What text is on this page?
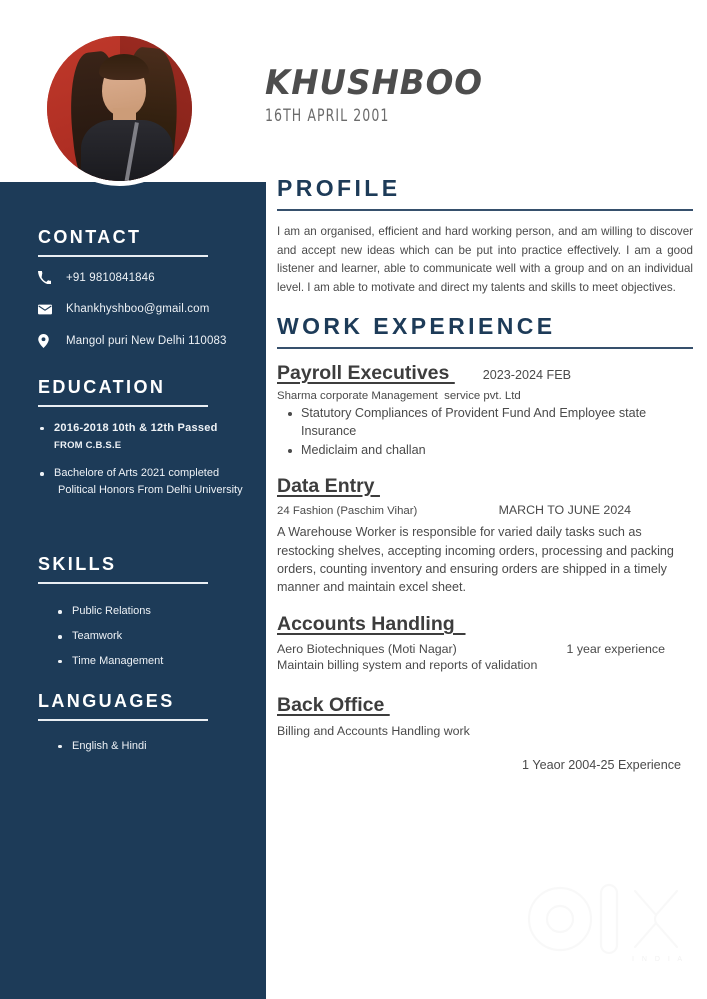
CONTACT
+91 9810841846
Khankhyshboo@gmail.com
Mangol puri New Delhi 110083
EDUCATION
2016-2018 10th & 12th Passed
FROM C.B.S.E
Bachelore of Arts 2021 completed
Political Honors From Delhi University
SKILLS
Public Relations
Teamwork
Time Management
LANGUAGES
English & Hindi
KHUSHBOO
16TH APRIL 2001
PROFILE

I am an organised, efficient and hard working person, and am willing to discover and accept new ideas which can be put into practice effectively. I am a good listener and learner, able to communicate well with a group and on an individual level. I am able to motivate and direct my talents and skills to meet objectives.

WORK EXPERIENCE
Payroll Executives 2023-2024 FEB
Sharma corporate Management  service pvt. Ltd
Statutory Compliances of Provident Fund And Employee state Insurance
Mediclaim and challan
Data Entry
24 Fashion (Paschim Vihar)	MARCH TO JUNE 2024

A Warehouse Worker is responsible for varied daily tasks such as restocking shelves, accepting incoming orders, processing and packing orders, counting inventory and ensuring orders are shipped in a timely manner and maintain excel sheet.

Accounts Handling
Aero Biotechniques (Moti Nagar)	1 year experience

Maintain billing system and reports of validation

Back Office
Billing and Accounts Handling work
1 Yeaor 2004-25 Experience
I N D I A
